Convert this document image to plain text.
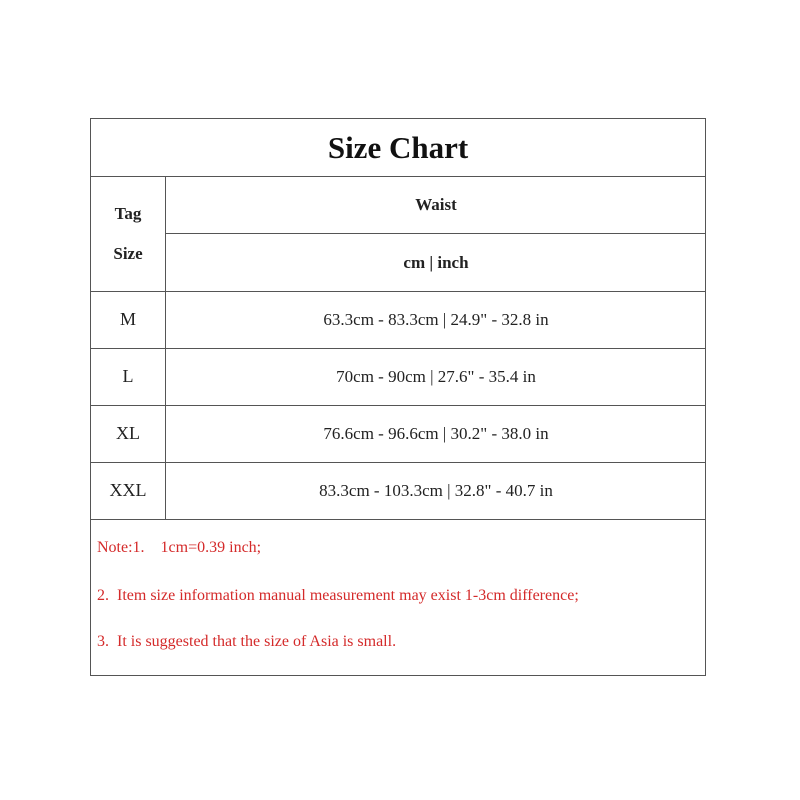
Size Chart
Tag
Size
Waist
cm | inch
M	63.3cm - 83.3cm | 24.9" - 32.8 in
L	70cm - 90cm | 27.6" - 35.4 in
XL	76.6cm - 96.6cm | 30.2" - 38.0 in
XXL	83.3cm - 103.3cm | 32.8" - 40.7 in
Note:1.    1cm=0.39 inch;
2.  Item size information manual measurement may exist 1-3cm difference;
3.  It is suggested that the size of Asia is small.
